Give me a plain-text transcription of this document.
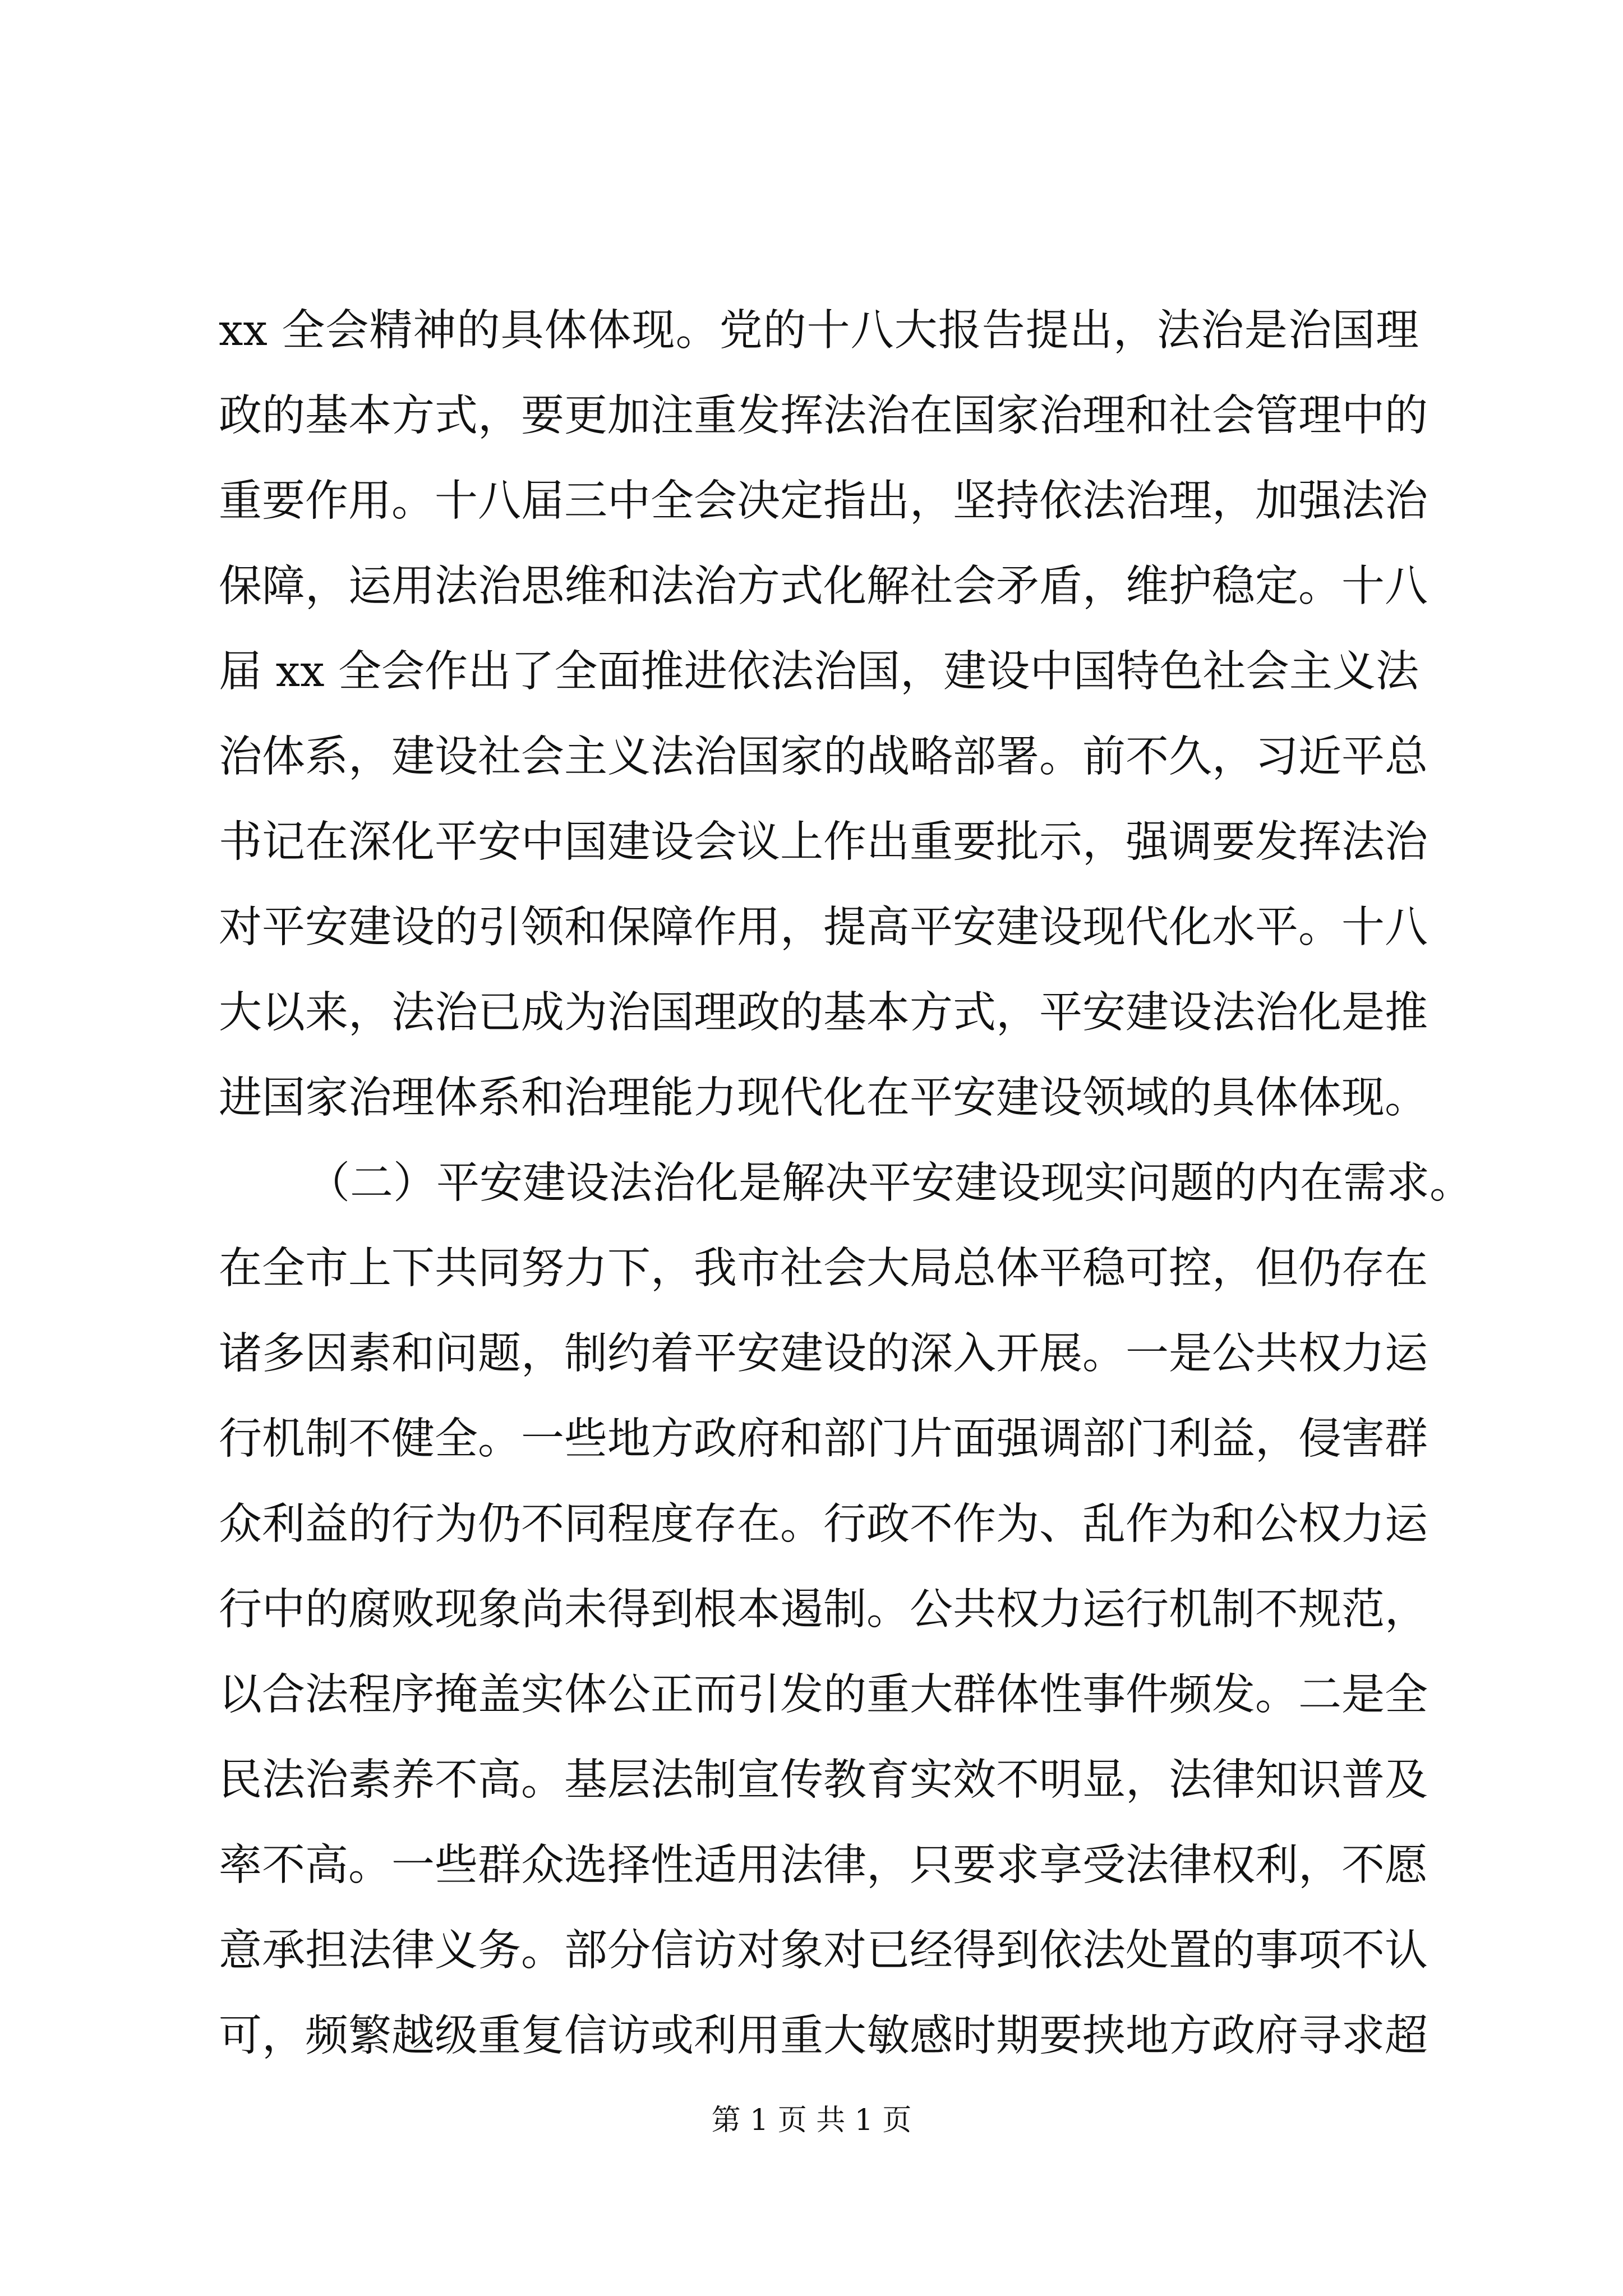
xx 全会精神的具体体现。党的十八大报告提出，法治是治国理
政的基本方式，要更加注重发挥法治在国家治理和社会管理中的
重要作用。十八届三中全会决定指出，坚持依法治理，加强法治
保障，运用法治思维和法治方式化解社会矛盾，维护稳定。十八
届 xx 全会作出了全面推进依法治国，建设中国特色社会主义法
治体系，建设社会主义法治国家的战略部署。前不久，习近平总
书记在深化平安中国建设会议上作出重要批示，强调要发挥法治
对平安建设的引领和保障作用，提高平安建设现代化水平。十八
大以来，法治已成为治国理政的基本方式，平安建设法治化是推
进国家治理体系和治理能力现代化在平安建设领域的具体体现。
（二）平安建设法治化是解决平安建设现实问题的内在需求。
在全市上下共同努力下，我市社会大局总体平稳可控，但仍存在
诸多因素和问题，制约着平安建设的深入开展。一是公共权力运
行机制不健全。一些地方政府和部门片面强调部门利益，侵害群
众利益的行为仍不同程度存在。行政不作为、乱作为和公权力运
行中的腐败现象尚未得到根本遏制。公共权力运行机制不规范，
以合法程序掩盖实体公正而引发的重大群体性事件频发。二是全
民法治素养不高。基层法制宣传教育实效不明显，法律知识普及
率不高。一些群众选择性适用法律，只要求享受法律权利，不愿
意承担法律义务。部分信访对象对已经得到依法处置的事项不认
第 1 页 共 1 页
可，频繁越级重复信访或利用重大敏感时期要挟地方政府寻求超
